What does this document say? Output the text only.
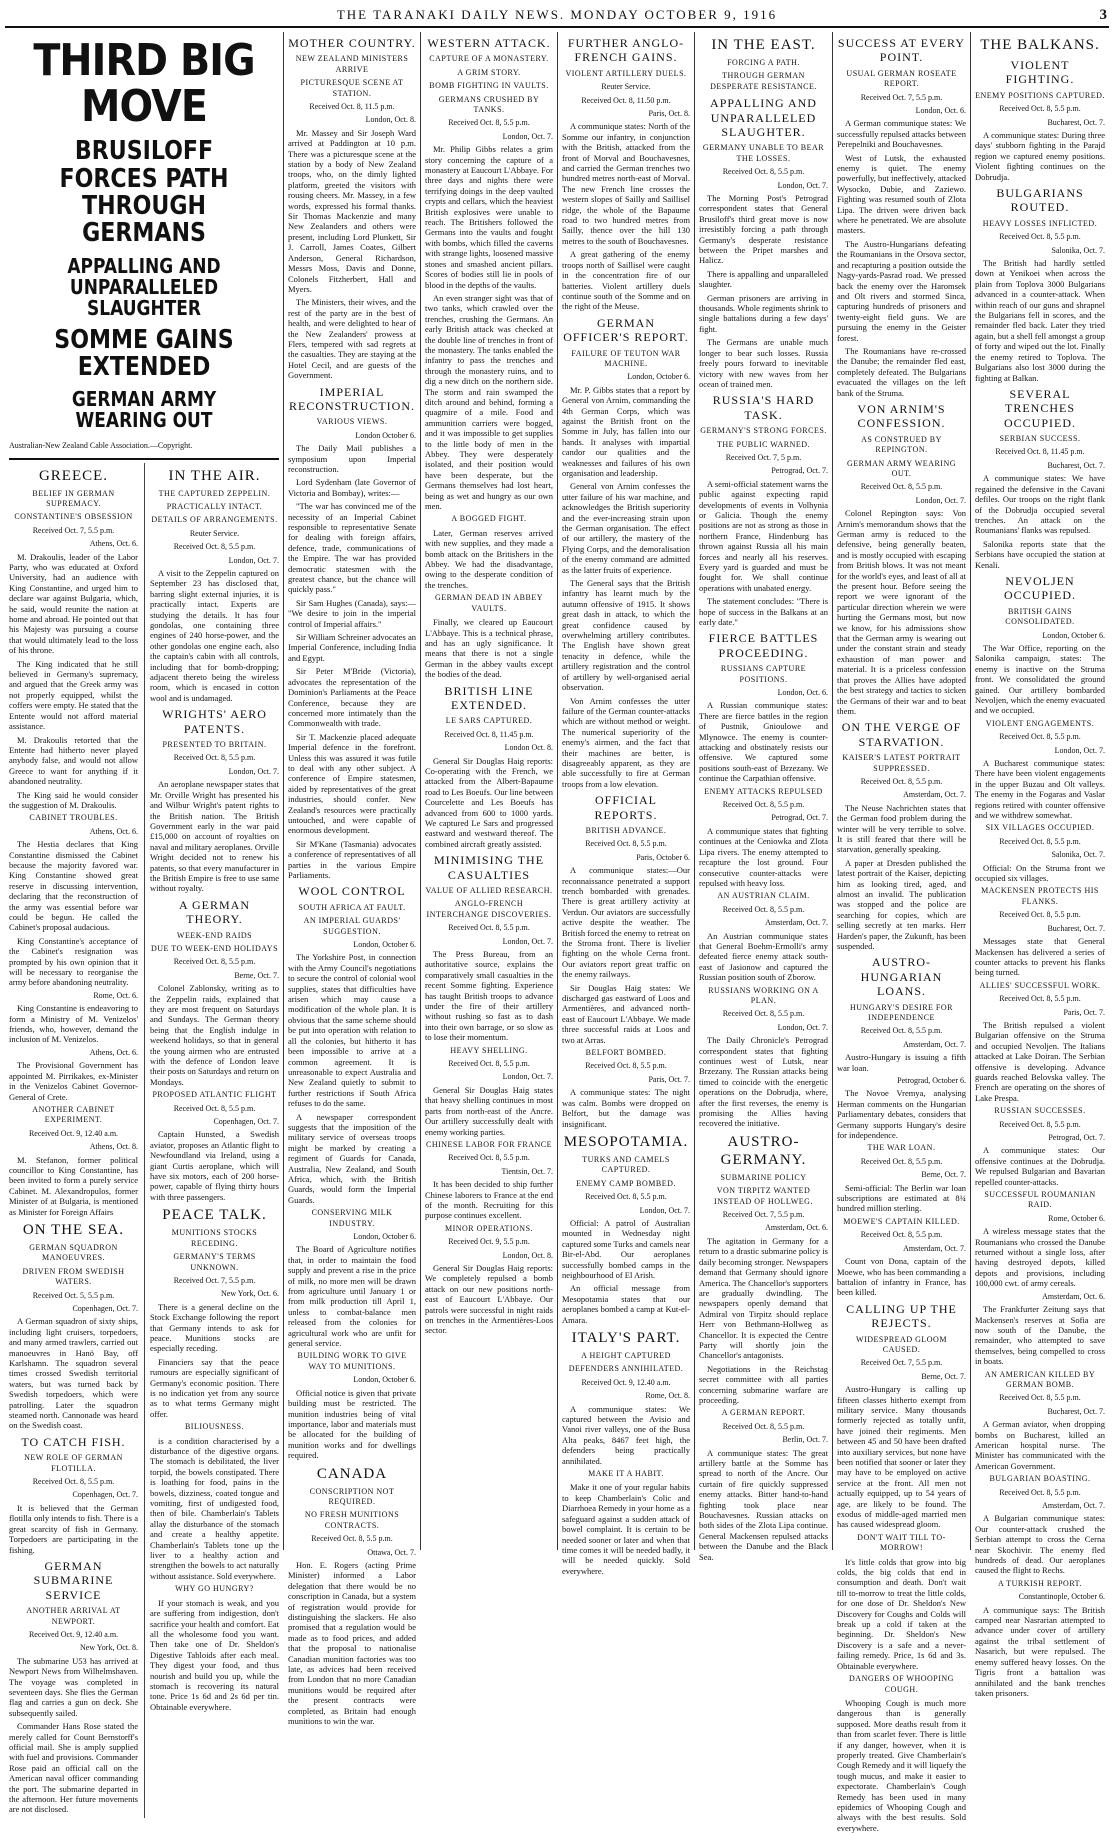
THE TARANAKI DAILY NEWS. MONDAY OCTOBER 9, 1916	3
THIRD BIG MOVE
BRUSILOFF FORCES PATH THROUGH GERMANS
APPALLING AND UNPARALLELED SLAUGHTER
SOMME GAINS EXTENDED
GERMAN ARMY WEARING OUT
Australian-New Zealand Cable Association.—Copyright.
GREECE.
BELIEF IN GERMAN SUPREMACY.
CONSTANTINE'S OBSESSION
Received Oct. 7, 5.5 p.m.
Athens, Oct. 6.

M. Drakoulis, leader of the Labor Party, who was educated at Oxford University, had an audience with King Constantine, and urged him to declare war against Bulgaria, which, he said, would reunite the nation at home and abroad. He pointed out that his Majesty was pursuing a course that would ultimately lead to the loss of his throne.

The King indicated that he still believed in Germany's supremacy, and argued that the Greek army was not properly equipped, whilst the coffers were empty. He stated that the Entente would not afford material assistance.

M. Drakoulis retorted that the Entente had hitherto never played anybody false, and would not allow Greece to want for anything if it abandoned neutrality.

The King said he would consider the suggestion of M. Drakoulis.

CABINET TROUBLES.
Athens, Oct. 6.

The Hestia declares that King Constantine dismissed the Cabinet because the majority favored war. King Constantine showed great reserve in discussing intervention, declaring that the reconstruction of the army was essential before war could be begun. He called the Cabinet's proposal audacious.

King Constantine's acceptance of the Cabinet's resignation was prompted by his own opinion that it will be necessary to reorganise the army before abandoning neutrality.

Rome, Oct. 6.

King Constantine is endeavoring to form a Ministry of M. Venizelos' friends, who, however, demand the inclusion of M. Venizelos.

Athens, Oct. 6.

The Provisional Government has appointed M. Pirrikakes, ex-Minister in the Venizelos Cabinet Governor-General of Crete.

ANOTHER CABINET EXPERIMENT.
Received Oct. 9, 12.40 a.m.
Athens, Oct. 8.

M. Stefanon, former political councillor to King Constantine, has been invited to form a purely service Cabinet. M. Alexandropulos, former Minister of at Bulgaria, is mentioned as Minister for Foreign Affairs

ON THE SEA.
GERMAN SQUADRON MANOEUVRES.
DRIVEN FROM SWEDISH WATERS.
Received Oct. 5, 5.5 p.m.
Copenhagen, Oct. 7.

A German squadron of sixty ships, including light cruisers, torpedoers, and many armed trawlers, carried out manoeuvres in Hanö Bay, off Karlshamn. The squadron several times crossed Swedish territorial waters, but was turned back by Swedish torpedoers, which were patrolling. Later the squadron steamed north. Cannonade was heard on the Swedish coast.

TO CATCH FISH.
NEW ROLE OF GERMAN FLOTILLA.
Received Oct. 8, 5.5 p.m.
Copenhagen, Oct. 7.

It is believed that the German flotilla only intends to fish. There is a great scarcity of fish in Germany. Torpedoers are participating in the fishing.

GERMAN SUBMARINE SERVICE
ANOTHER ARRIVAL AT NEWPORT.
Received Oct. 9, 12.40 a.m.
New York, Oct. 8.

The submarine U53 has arrived at Newport News from Wilhelmshaven. The voyage was completed in seventeen days. She flies the German flag and carries a gun on deck. She subsequently sailed.

Commander Hans Rose stated the merely called for Count Bernstorff's official mail. She is amply supplied with fuel and provisions. Commander Rose paid an official call on the American naval officer commanding the port. The submarine departed in the afternoon. Her future movements are not disclosed.

IN THE AIR.
THE CAPTURED ZEPPELIN.
PRACTICALLY INTACT.
DETAILS OF ARRANGEMENTS.
Reuter Service.
Received Oct. 8, 5.5 p.m.
London, Oct. 7.

A visit to the Zeppelin captured on September 23 has disclosed that, barring slight external injuries, it is practically intact. Experts are studying the details. It has four gondolas, one containing three engines of 240 horse-power, and the other gondolas one engine each, also the captain's cabin with all controls, including that for bomb-dropping; adjacent thereto being the wireless room, which is encased in cotton wool and is undamaged.

WRIGHTS' AERO PATENTS.
PRESENTED TO BRITAIN.
Received Oct. 8, 5.5 p.m.
London, Oct. 7.

An aeroplane newspaper states that Mr. Orville Wright has presented his and Wilbur Wright's patent rights to the British nation. The British Government early in the war paid £15,000 on account of royalties on naval and military aeroplanes. Orville Wright decided not to renew his patents, so that every manufacturer in the British Empire is free to use same without royalty.

A GERMAN THEORY.
WEEK-END RAIDS
DUE TO WEEK-END HOLIDAYS
Received Oct. 8, 5.5 p.m.
Berne, Oct. 7.

Colonel Zablonsky, writing as to the Zeppelin raids, explained that they are most frequent on Saturdays and Sundays. The German theory being that the English indulge in weekend holidays, so that in general the young airmen who are entrusted with the defence of London leave their posts on Saturdays and return on Mondays.

PROPOSED ATLANTIC FLIGHT
Received Oct. 8, 5.5 p.m.
Copenhagen, Oct. 7.

Captain Hunsted, a Swedish aviator, proposes an Atlantic flight to Newfoundland via Ireland, using a giant Curtis aeroplane, which will have six motors, each of 200 horse-power, capable of flying thirty hours with three passengers.

PEACE TALK.
MUNITIONS STOCKS RECEDING.
GERMANY'S TERMS UNKNOWN.
Received Oct. 7, 5.5 p.m.
New York, Oct. 6.

There is a general decline on the Stock Exchange following the report that Germany intends to ask for peace. Munitions stocks are especially receding.

Financiers say that the peace rumours are especially significant of Germany's economic position. There is no indication yet from any source as to what terms Germany might offer.

BILIOUSNESS.

is a condition characterised by a disturbance of the digestive organs. The stomach is debilitated, the liver torpid, the bowels constipated. There is loathing for food, pains in the bowels, dizziness, coated tongue and vomiting, first of undigested food, then of bile. Chamberlain's Tablets allay the disturbance of the stomach and create a healthy appetite. Chamberlain's Tablets tone up the liver to a healthy action and strengthen the bowels to act naturally without assistance. Sold everywhere.

WHY GO HUNGRY?

If your stomach is weak, and you are suffering from indigestion, don't sacrifice your health and comfort. Eat all the wholesome food you want. Then take one of Dr. Sheldon's Digestive Tabloids after each meal. They digest your food, and thus nourish and build you up, while the stomach is recovering its natural tone. Price 1s 6d and 2s 6d per tin. Obtainable everywhere.

MOTHER COUNTRY.
NEW ZEALAND MINISTERS ARRIVE
PICTURESQUE SCENE AT STATION.
Received Oct. 8, 11.5 p.m.
London, Oct. 8.

Mr. Massey and Sir Joseph Ward arrived at Paddington at 10 p.m. There was a picturesque scene at the station by a body of New Zealand troops, who, on the dimly lighted platform, greeted the visitors with rousing cheers. Mr. Massey, in a few words, expressed his formal thanks. Sir Thomas Mackenzie and many New Zealanders and others were present, including Lord Plunkett, Sir J. Carroll, James Coates, Gilbert Anderson, General Richardson, Messrs Moss, Davis and Donne, Colonels Fitzherbert, Hall and Myers.

The Ministers, their wives, and the rest of the party are in the best of health, and were delighted to hear of the New Zealanders' prowess at Flers, tempered with sad regrets at the casualties. They are staying at the Hotel Cecil, and are guests of the Government.

IMPERIAL RECONSTRUCTION.
VARIOUS VIEWS.
London October 6.

The Daily Mail publishes a symposium upon Imperial reconstruction.

Lord Sydenham (late Governor of Victoria and Bombay), writes:—

"The war has convinced me of the necessity of an Imperial Cabinet responsible to representative Senate for dealing with foreign affairs, defence, trade, communications of the Empire. The war has provided democratic statesmen with the greatest chance, but the chance will quickly pass."

Sir Sam Hughes (Canada), says:— "We desire to join in the imperial control of Imperial affairs."

Sir William Schreiner advocates an Imperial Conference, including India and Egypt.

Sir Peter M'Bride (Victoria), advocates the representation of the Dominion's Parliaments at the Peace Conference, because they are concerned more intimately than the Commonwealth with trade.

Sir T. Mackenzie placed adequate Imperial defence in the forefront. Unless this was assured it was futile to deal with any other subject. A conference of Empire statesmen, aided by representatives of the great industries, should confer. New Zealand's resources were practically untouched, and were capable of enormous development.

Sir M'Kane (Tasmania) advocates a conference of representatives of all parties in the various Empire Parliaments.

WOOL CONTROL
SOUTH AFRICA AT FAULT.
AN IMPERIAL GUARDS' SUGGESTION.
London, October 6.

The Yorkshire Post, in connection with the Army Council's negotiations to secure the control of colonial wool supplies, states that difficulties have arisen which may cause a modification of the whole plan. It is obvious that the same scheme should be put into operation with relation to all the colonies, but hitherto it has been impossible to arrive at a common agreement. It is unreasonable to expect Australia and New Zealand quietly to submit to further restrictions if South Africa refuses to do the same.

A newspaper correspondent suggests that the imposition of the military service of overseas troops might be marked by creating a regiment of Guards for Canada, Australia, New Zealand, and South Africa, which, with the British Guards, would form the Imperial Guards.

CONSERVING MILK INDUSTRY.
London, October 6.

The Board of Agriculture notifies that, in order to maintain the food supply and prevent a rise in the price of milk, no more men will be drawn from agriculture until January 1 or from milk production till April 1, unless to combat-balance men released from the colonies for agricultural work who are unfit for general service.

BUILDING WORK TO GIVE WAY TO MUNITIONS.
London, October 6.

Official notice is given that private building must be restricted. The munition industries being of vital importance, labor and materials must be allocated for the building of munition works and for dwellings required.

CANADA
CONSCRIPTION NOT REQUIRED.
NO FRESH MUNITIONS CONTRACTS.
Received Oct. 8, 5.5 p.m.
Ottawa, Oct. 7.

Hon. E. Rogers (acting Prime Minister) informed a Labor delegation that there would be no conscription in Canada, but a system of registration would provide for distinguishing the slackers. He also promised that a regulation would be made as to food prices, and added that the proposal to nationalise Canadian munition factories was too late, as advices had been received from London that no more Canadian munitions would be required after the present contracts were completed, as Britain had enough munitions to win the war.

WESTERN ATTACK.
CAPTURE OF A MONASTERY.
A GRIM STORY.
BOMB FIGHTING IN VAULTS.
GERMANS CRUSHED BY TANKS.
Received Oct. 8, 5.5 p.m.
London, Oct. 7.

Mr. Philip Gibbs relates a grim story concerning the capture of a monastery at Eaucourt L'Abbaye. For three days and nights there were terrifying doings in the deep vaulted crypts and cellars, which the heaviest British explosives were unable to reach. The Britishers followed the Germans into the vaults and fought with bombs, which filled the caverns with strange lights, loosened massive stones and smashed ancient pillars. Scores of bodies still lie in pools of blood in the depths of the vaults.

An even stranger sight was that of two tanks, which crawled over the trenches, crushing the Germans. An early British attack was checked at the double line of trenches in front of the monastery. The tanks enabled the infantry to pass the trenches and through the monastery ruins, and to dig a new ditch on the northern side. The storm and rain swamped the ditch around and behind, forming a quagmire of a mile. Food and ammunition carriers were bogged, and it was impossible to get supplies to the little body of men in the Abbey. They were desperately isolated, and their position would have been desperate, but the Germans themselves had lost heart, being as wet and hungry as our own men.

A BOGGED FIGHT.

Later, German reserves arrived with new supplies, and they made a bomb attack on the Britishers in the Abbey. We had the disadvantage, owing to the desperate condition of the trenches.

GERMAN DEAD IN ABBEY VAULTS.

Finally, we cleared up Eaucourt L'Abbaye. This is a technical phrase, and has an ugly significance. It means that there is not a single German in the abbey vaults except the bodies of the dead.

BRITISH LINE EXTENDED.
LE SARS CAPTURED.
Received Oct. 8, 11.45 p.m.
London Oct. 8.

General Sir Douglas Haig reports: Co-operating with the French, we attacked from the Albert-Bapaume road to Les Boeufs. Our line between Courcelette and Les Boeufs has advanced from 600 to 1000 yards. We captured Le Sars and progressed eastward and westward thereof. The combined aircraft greatly assisted.

MINIMISING THE CASUALTIES
VALUE OF ALLIED RESEARCH.
ANGLO-FRENCH INTERCHANGE DISCOVERIES.
Received Oct. 8, 5.5 p.m.
London, Oct. 7.

The Press Bureau, from an authoritative source, explains the comparatively small casualties in the recent Somme fighting. Experience has taught British troops to advance under the fire of their artillery without rushing so fast as to dash into their own barrage, or so slow as to lose their momentum.

HEAVY SHELLING.
Received Oct. 8, 5.5 p.m.
London, Oct. 7.

General Sir Douglas Haig states that heavy shelling continues in most parts from north-east of the Ancre. Our artillery successfully dealt with enemy working parties.

CHINESE LABOR FOR FRANCE
Received Oct. 8, 5.5 p.m.
Tientsin, Oct. 7.

It has been decided to ship further Chinese laborers to France at the end of the month. Recruiting for this purpose continues excellent.

MINOR OPERATIONS.
Received Oct. 9, 5.5 p.m.
London, Oct. 8.

General Sir Douglas Haig reports: We completely repulsed a bomb attack on our new positions north-east of Eaucourt L'Abbaye. Our patrols were successful in night raids on trenches in the Armentières-Loos sector.

FURTHER ANGLO-FRENCH GAINS.
VIOLENT ARTILLERY DUELS.
Reuter Service.
Received Oct. 8, 11.50 p.m.
Paris, Oct. 8.

A communique states: North of the Somme our infantry, in conjunction with the British, attacked from the front of Morval and Bouchavesnes, and carried the German trenches two hundred metres north-east of Morval. The new French line crosses the western slopes of Sailly and Saillisel ridge, the whole of the Bapaume road to two hundred metres from Sailly, thence over the hill 130 metres to the south of Bouchavesnes.

A great gathering of the enemy troops north of Saillisel were caught in the concentration fire of our batteries. Violent artillery duels continue south of the Somme and on the right of the Meuse.

GERMAN OFFICER'S REPORT.
FAILURE OF TEUTON WAR MACHINE.
London, October 6.

Mr. P. Gibbs states that a report by General von Arnim, commanding the 4th German Corps, which was against the British front on the Somme in July, has fallen into our hands. It analyses with impartial candor our qualities and the weaknesses and failures of his own organisation and leadership.

General von Arnim confesses the utter failure of his war machine, and acknowledges the British superiority and the ever-increasing strain upon the German organisation. The effect of our artillery, the mastery of the Flying Corps, and the demoralisation of the enemy command are admitted as the latter fruits of experience.

The General says that the British infantry has learnt much by the autumn offensive of 1915. It shows great dash in attack, to which the great confidence caused by overwhelming artillery contributes. The English have shown great tenacity in defence, while the artillery registration and the control of artillery by well-organised aerial observation.

Von Arnim confesses the utter failure of the German counter-attacks which are without method or weight. The numerical superiority of the enemy's airmen, and the fact that their machines are better, is disagreeably apparent, as they are able successfully to fire at German troops from a low elevation.

OFFICIAL REPORTS.
BRITISH ADVANCE.
Received Oct. 8, 5.5 p.m.
Paris, October 6.

A communique states:—Our reconnaissance penetrated a support trench bombarded with grenades. There is great artillery activity at Verdun. Our aviators are successfully active despite the weather. The British forced the enemy to retreat on the Stroma front. There is livelier fighting on the whole Cerna front. Our aviators report great traffic on the enemy railways.

Sir Douglas Haig states: We discharged gas eastward of Loos and Armentières, and advanced north-east of Eaucourt L'Abbaye. We made three successful raids at Loos and two at Arras.

BELFORT BOMBED.
Received Oct. 8, 5.5 p.m.
Paris, Oct. 7.

A communique states: The night was calm. Bombs were dropped on Belfort, but the damage was insignificant.

MESOPOTAMIA.
TURKS AND CAMELS CAPTURED.
ENEMY CAMP BOMBED.
Received Oct. 8, 5.5 p.m.
London, Oct. 7.

Official: A patrol of Australian mounted in Wednesday night captured some Turks and camels near Bir-el-Abd. Our aeroplanes successfully bombed camps in the neighbourhood of El Arish.

An official message from Mesopotamia states that our aeroplanes bombed a camp at Kut-el-Amara.

ITALY'S PART.
A HEIGHT CAPTURED
DEFENDERS ANNIHILATED.
Received Oct. 9, 12.40 a.m.
Rome, Oct. 8.

A communique states: We captured between the Avisio and Vanoi river valleys, one of the Busa Alta peaks, 8467 feet high, the defenders being practically annihilated.

MAKE IT A HABIT.

Make it one of your regular habits to keep Chamberlain's Colic and Diarrhoea Remedy in your home as a safeguard against a sudden attack of bowel complaint. It is certain to be needed sooner or later and when that time comes it will be needed badly, it will be needed quickly. Sold everywhere.

IN THE EAST.
FORCING A PATH.
THROUGH GERMAN DESPERATE RESISTANCE.
APPALLING AND UNPARALLELED SLAUGHTER.
GERMANY UNABLE TO BEAR THE LOSSES.
Received Oct. 8, 5.5 p.m.
London, Oct. 7.

The Morning Post's Petrograd correspondent states that General Brusiloff's third great move is now irresistibly forcing a path through Germany's desperate resistance between the Pripet marshes and Halicz.

There is appalling and unparalleled slaughter.

German prisoners are arriving in thousands. Whole regiments shrink to single battalions during a few days' fight.

The Germans are unable much longer to bear such losses. Russia freely pours forward to inevitable victory with new waves from her ocean of trained men.

RUSSIA'S HARD TASK.
GERMANY'S STRONG FORCES.
THE PUBLIC WARNED.
Received Oct. 7, 5 p.m.
Petrograd, Oct. 7.

A semi-official statement warns the public against expecting rapid developments of events in Volhynia or Galicia. Though the enemy positions are not as strong as those in northern France, Hindenburg has thrown against Russia all his main forces and nearly all his reserves. Every yard is guarded and must be fought for. We shall continue operations with unabated energy.

The statement concludes: "There is hope of success in the Balkans at an early date."

FIERCE BATTLES PROCEEDING.
RUSSIANS CAPTURE POSITIONS.
London, Oct. 6.

A Russian communique states: There are fierce battles in the region of Pustnik, Gnioulowe and Mlynowce. The enemy is counter-attacking and obstinately resists our offensive. We captured some positions south-east of Brzezany. We continue the Carpathian offensive.

ENEMY ATTACKS REPULSED
Received Oct. 8, 5.5 p.m.
Petrograd, Oct. 7.

A communique states that fighting continues at the Ceniowka and Zlota Lipa rivers. The enemy attempted to recapture the lost ground. Four consecutive counter-attacks were repulsed with heavy loss.

AN AUSTRIAN CLAIM.
Received Oct. 8, 5.5 p.m.
Amsterdam, Oct. 7.

An Austrian communique states that General Boehm-Ermolli's army defeated fierce enemy attack south-east of Jasionow and captured the Russian position south of Zborow.

RUSSIANS WORKING ON A PLAN.
Received Oct. 8, 5.5 p.m.
London, Oct. 7.

The Daily Chronicle's Petrograd correspondent states that fighting continues west of Lutsk, near Brzezany. The Russian attacks being timed to coincide with the energetic operations on the Dobrudja, where, after the first reverses, the enemy is promising the Allies having recovered the initiative.

AUSTRO-GERMANY.
SUBMARINE POLICY
VON TIRPITZ WANTED INSTEAD OF HOLLWEG.
Received Oct. 7, 5.5 p.m.
Amsterdam, Oct. 6.

The agitation in Germany for a return to a drastic submarine policy is daily becoming stronger. Newspapers demand that Germany should ignore America. The Chancellor's supporters are gradually dwindling. The newspapers openly demand that Admiral von Tirpitz should replace Herr von Bethmann-Hollweg as Chancellor. It is expected the Centre Party will shortly join the Chancellor's antagonists.

Negotiations in the Reichstag secret committee with all parties concerning submarine warfare are proceeding.

A GERMAN REPORT.
Received Oct. 8, 5.5 p.m.
Berlin, Oct. 7.

A communique states: The great artillery battle at the Somme has spread to north of the Ancre. Our curtain of fire quickly suppressed enemy attacks. Bitter hand-to-hand fighting took place near Bouchavesnes. Russian attacks on both sides of the Zlota Lipa continue. General Mackensen repulsed attacks between the Danube and the Black Sea.

SUCCESS AT EVERY POINT.
USUAL GERMAN ROSEATE REPORT.
Received Oct. 7, 5.5 p.m.
London, Oct. 6.

A German communique states: We successfully repulsed attacks between Perepelniki and Bouchavesnes.

West of Lutsk, the exhausted enemy is quiet. The enemy powerfully, but ineffectively, attacked Wysocko, Dubie, and Zaziewo. Fighting was resumed south of Zlota Lipa. The driven were driven back where he penetrated. We are absolute masters.

The Austro-Hungarians defeating the Roumanians in the Orsova sector, and recapturing a position outside the Nagy-yards-Pasrad road. We pressed back the enemy over the Haromsek and Olt rivers and stormed Sinca, capturing hundreds of prisoners and twenty-eight field guns. We are pursuing the enemy in the Geister forest.

The Roumanians have re-crossed the Danube; the remainder fled east, completely defeated. The Bulgarians evacuated the villages on the left bank of the Struma.

VON ARNIM'S CONFESSION.
AS CONSTRUED BY REPINGTON.
GERMAN ARMY WEARING OUT.
Received Oct. 8, 5.5 p.m.
London, Oct. 7.

Colonel Repington says: Von Arnim's memorandum shows that the German army is reduced to the defensive, being generally beaten, and is mostly occupied with escaping from British blows. It was not meant for the world's eyes, and least of all at the present hour. Before seeing the report we were ignorant of the particular direction wherein we were hurting the Germans most, but now we know, for his admissions show that the German army is wearing out under the constant strain and steady exhaustion of man power and material. It is a priceless confession that proves the Allies have adopted the best strategy and tactics to sicken the Germans of their war and to beat them.

ON THE VERGE OF STARVATION.
KAISER'S LATEST PORTRAIT SUPPRESSED.
Received Oct. 8, 5.5 p.m.
Amsterdam, Oct. 7.

The Neuse Nachrichten states that the German food problem during the winter will be very terrible to solve. It is still feared that there will be starvation, generally speaking.

A paper at Dresden published the latest portrait of the Kaiser, depicting him as looking tired, aged, and almost an invalid. The publication was stopped and the police are searching for copies, which are selling secretly at ten marks. Herr Harden's paper, the Zukunft, has been suspended.

AUSTRO-HUNGARIAN LOANS.
HUNGARY'S DESIRE FOR INDEPENDENCE
Received Oct. 8, 5.5 p.m.
Amsterdam, Oct. 7.

Austro-Hungary is issuing a fifth war loan.

Petrograd, October 6.

The Novoe Vremya, analysing Herman comments on the Hungarian Parliamentary debates, considers that Germany supports Hungary's desire for independence.

THE WAR LOAN.
Received Oct. 8, 5.5 p.m.
Berne, Oct. 7.

Semi-official: The Berlin war loan subscriptions are estimated at 8¾ hundred million sterling.

MOEWE'S CAPTAIN KILLED.
Received Oct. 8, 5.5 p.m.
Amsterdam, Oct. 7.

Count von Dona, captain of the Moewe, who has been commanding a battalion of infantry in France, has been killed.

CALLING UP THE REJECTS.
WIDESPREAD GLOOM CAUSED.
Received Oct. 7, 5.5 p.m.
Berne, Oct. 7.

Austro-Hungary is calling up fifteen classes hitherto exempt from military service. Many thousands formerly rejected as totally unfit, have joined their regiments. Men between 45 and 50 have been drafted into auxiliary services, but none have been notified that sooner or later they may have to be employed on active service at the front. All men not actually equipped, up to 54 years of age, are likely to be found. The exodus of middle-aged married men has caused widespread gloom.

DON'T WAIT TILL TO-MORROW!

It's little colds that grow into big colds, the big colds that end in consumption and death. Don't wait till to-morrow to treat the little colds, for one dose of Dr. Sheldon's New Discovery for Coughs and Colds will break up a cold if taken at the beginning. Dr. Sheldon's New Discovery is a safe and a never-failing remedy. Price, 1s 6d and 3s. Obtainable everywhere.

DANGERS OF WHOOPING COUGH.

Whooping Cough is much more dangerous than is generally supposed. More deaths result from it than from scarlet fever. There is little if any danger, however, when it is properly treated. Give Chamberlain's Cough Remedy and it will liquefy the tough mucus, and make it easier to expectorate. Chamberlain's Cough Remedy has been used in many epidemics of Whooping Cough and always with the best results. Sold everywhere.

THE BALKANS.
VIOLENT FIGHTING.
ENEMY POSITIONS CAPTURED.
Received Oct. 8, 5.5 p.m.
Bucharest, Oct. 7.

A communique states: During three days' stubborn fighting in the Parajd region we captured enemy positions. Violent fighting continues on the Dobrudja.

BULGARIANS ROUTED.
HEAVY LOSSES INFLICTED.
Received Oct. 8, 5.5 p.m.
Salonika, Oct. 7.

The British had hardly settled down at Yenikoei when across the plain from Toplova 3000 Bulgarians advanced in a counter-attack. When within reach of our guns and shrapnel the Bulgarians fell in scores, and the remainder fled back. Later they tried again, but a shell fell amongst a group of forty and wiped out the lot. Finally the enemy retired to Toplova. The Bulgarians also lost 3000 during the fighting at Balkan.

SEVERAL TRENCHES OCCUPIED.
SERBIAN SUCCESS.
Received Oct. 8, 11.45 p.m.
Bucharest, Oct. 7.

A communique states: We have regained the defensive in the Cavani defiles. Our troops on the right flank of the Dobrudja occupied several trenches. An attack on the Roumanians' flanks was repulsed.

Salonika reports state that the Serbians have occupied the station at Kenali.

NEVOLJEN OCCUPIED.
BRITISH GAINS CONSOLIDATED.
London, October 6.

The War Office, reporting on the Salonika campaign, states: The enemy is inactive on the Struma front. We consolidated the ground gained. Our artillery bombarded Nevoljen, which the enemy evacuated and we occupied.

VIOLENT ENGAGEMENTS.
Received Oct. 8, 5.5 p.m.
London, Oct. 7.

A Bucharest communique states: There have been violent engagements in the upper Buzau and Olt valleys. The enemy in the Fogaras and Vaslar regions retired with counter offensive and we withdrew somewhat.

SIX VILLAGES OCCUPIED.
Received Oct. 8, 5.5 p.m.
Salonika, Oct. 7.

Official: On the Struma front we occupied six villages.

MACKENSEN PROTECTS HIS FLANKS.
Received Oct. 8, 5.5 p.m.
Bucharest, Oct. 7.

Messages state that General Mackensen has delivered a series of counter attacks to prevent his flanks being turned.

ALLIES' SUCCESSFUL WORK.
Received Oct. 8, 5.5 p.m.
Paris, Oct. 7.

The British repulsed a violent Bulgarian offensive on the Struma and occupied Nevoljen. The Italians attacked at Lake Doiran. The Serbian offensive is developing. Advance guards reached Belovska valley. The French are operating on the shores of Lake Prespa.

RUSSIAN SUCCESSES.
Received Oct. 8, 5.5 p.m.
Petrograd, Oct. 7.

A communique states: Our offensive continues at the Dobrudja. We repulsed Bulgarian and Bavarian repelled counter-attacks.

SUCCESSFUL ROUMANIAN RAID.
Rome, October 6.

A wireless message states that the Roumanians who crossed the Danube returned without a single loss, after having destroyed depots, killed depots and provisions, including 100,000 cwt. of army cereals.

Amsterdam, Oct. 6.

The Frankfurter Zeitung says that Mackensen's reserves at Sofia are now south of the Danube, the remainder, who attempted to save themselves, being compelled to cross in boats.

AN AMERICAN KILLED BY GERMAN BOMB.
Received Oct. 8, 5.5 p.m.
Bucharest, Oct. 7.

A German aviator, when dropping bombs on Bucharest, killed an American hospital nurse. The Minister has communicated with the American Government.

BULGARIAN BOASTING.
Received Oct. 8, 5.5 p.m.
Amsterdam, Oct. 7.

A Bulgarian communique states: Our counter-attack crushed the Serbian attempt to cross the Cerna near Skochivir. The enemy fled hundreds of dead. Our aeroplanes caused the flight to Rechs.

A TURKISH REPORT.
Constantinople, October 6.

A communique says: The British camped near Nasrarian attempted to advance under cover of artillery against the tribal settlement of Nasarich, but were repulsed. The enemy suffered heavy losses. On the Tigris front a battalion was annihilated and the bank trenches taken prisoners.
